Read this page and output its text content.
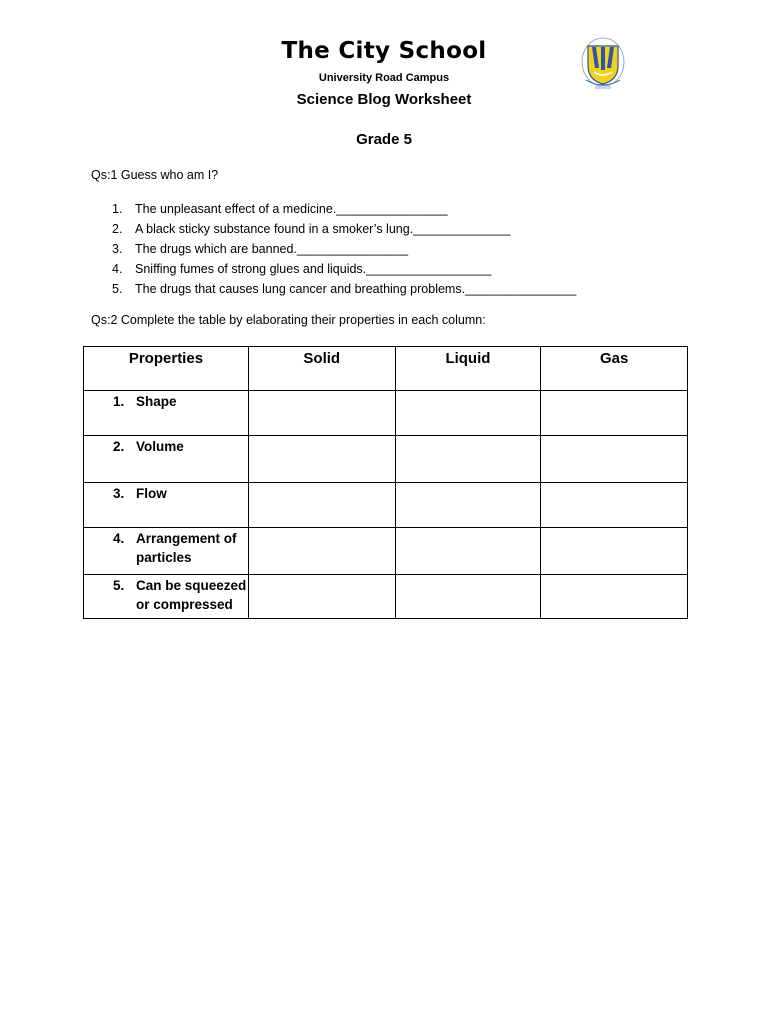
The City School
University Road Campus
Science Blog Worksheet
Grade 5
Qs:1 Guess who am I?
1.	The unpleasant effect of a medicine.________________
2.	A black sticky substance found in a smoker’s lung.______________
3.	The drugs which are banned.________________
4.	Sniffing fumes of strong glues and liquids.__________________
5.	The drugs that causes lung cancer and breathing problems.________________
Qs:2 Complete the table by elaborating their properties in each column:
Properties	Solid	Liquid	Gas

1. Shape			

2. Volume			

3. Flow			

4. Arrangement of particles			

5. Can be squeezed or compressed			
